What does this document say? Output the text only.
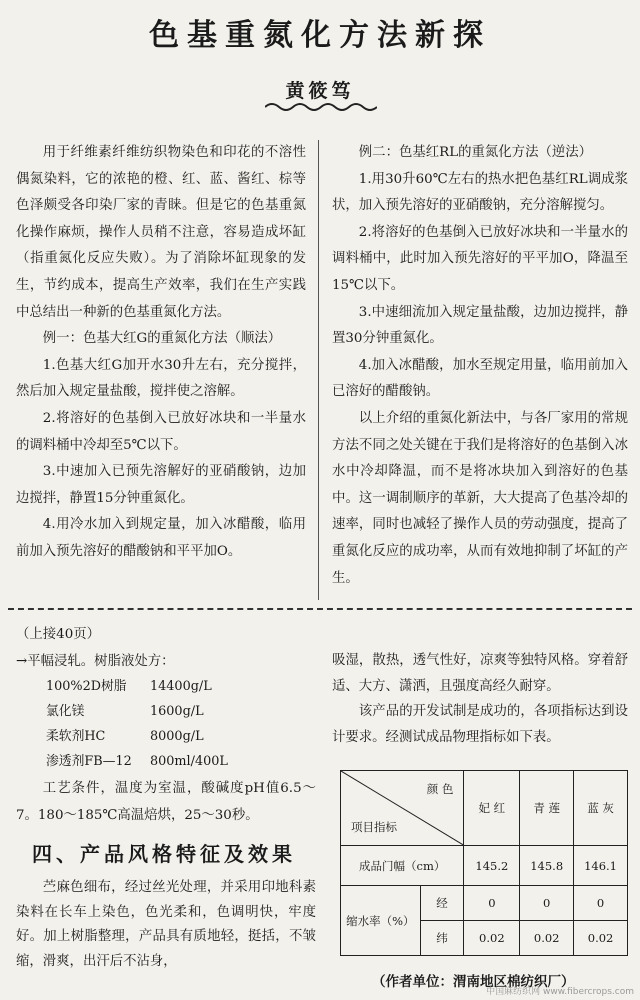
色基重氮化方法新探
黄筱笃

用于纤维素纤维纺织物染色和印花的不溶性偶氮染料，它的浓艳的橙、红、蓝、酱红、棕等色泽颇受各印染厂家的青睐。但是它的色基重氮化操作麻烦，操作人员稍不注意，容易造成坏缸（指重氮化反应失败）。为了消除坏缸现象的发生，节约成本，提高生产效率，我们在生产实践中总结出一种新的色基重氮化方法。

例一：色基大红G的重氮化方法（顺法）

1.色基大红G加开水30升左右，充分搅拌，然后加入规定量盐酸，搅拌使之溶解。

2.将溶好的色基倒入已放好冰块和一半量水的调料桶中冷却至5℃以下。

3.中速加入已预先溶解好的亚硝酸钠，边加边搅拌，静置15分钟重氮化。

4.用冷水加入到规定量，加入冰醋酸，临用前加入预先溶好的醋酸钠和平平加O。

例二：色基红RL的重氮化方法（逆法）

1.用30升60℃左右的热水把色基红RL调成浆状，加入预先溶好的亚硝酸钠，充分溶解搅匀。

2.将溶好的色基倒入已放好冰块和一半量水的调料桶中，此时加入预先溶好的平平加O，降温至15℃以下。

3.中速细流加入规定量盐酸，边加边搅拌，静置30分钟重氮化。

4.加入冰醋酸，加水至规定用量，临用前加入已溶好的醋酸钠。

以上介绍的重氮化新法中，与各厂家用的常规方法不同之处关键在于我们是将溶好的色基倒入冰水中冷却降温，而不是将冰块加入到溶好的色基中。这一调制顺序的革新，大大提高了色基冷却的速率，同时也减轻了操作人员的劳动强度，提高了重氮化反应的成功率，从而有效地抑制了坏缸的产生。

（上接40页）

→平幅浸轧。树脂液处方：

100%2D树脂	14400g/L
氯化镁	1600g/L
柔软剂HC	8000g/L
渗透剂FB—12	800ml/400L

工艺条件，温度为室温，酸碱度pH值6.5～7。180～185℃高温焙烘，25～30秒。

四、产品风格特征及效果

苎麻色细布，经过丝光处理，并采用印地科素染料在长车上染色，色光柔和，色调明快，牢度好。加上树脂整理，产品具有质地轻，挺括，不皱缩，滑爽，出汗后不沾身，

吸湿，散热，透气性好，凉爽等独特风格。穿着舒适、大方、潇洒，且强度高经久耐穿。

该产品的开发试制是成功的，各项指标达到设计要求。经测试成品物理指标如下表。

颜 色
项目指标		妃 红	青 莲	蓝 灰
成品门幅（cm）		145.2	145.8	146.1
缩水率（%）	经	0	0	0
	纬	0.02	0.02	0.02
（作者单位：渭南地区棉纺织厂）
中国麻纺织网 www.fibercrops.com
